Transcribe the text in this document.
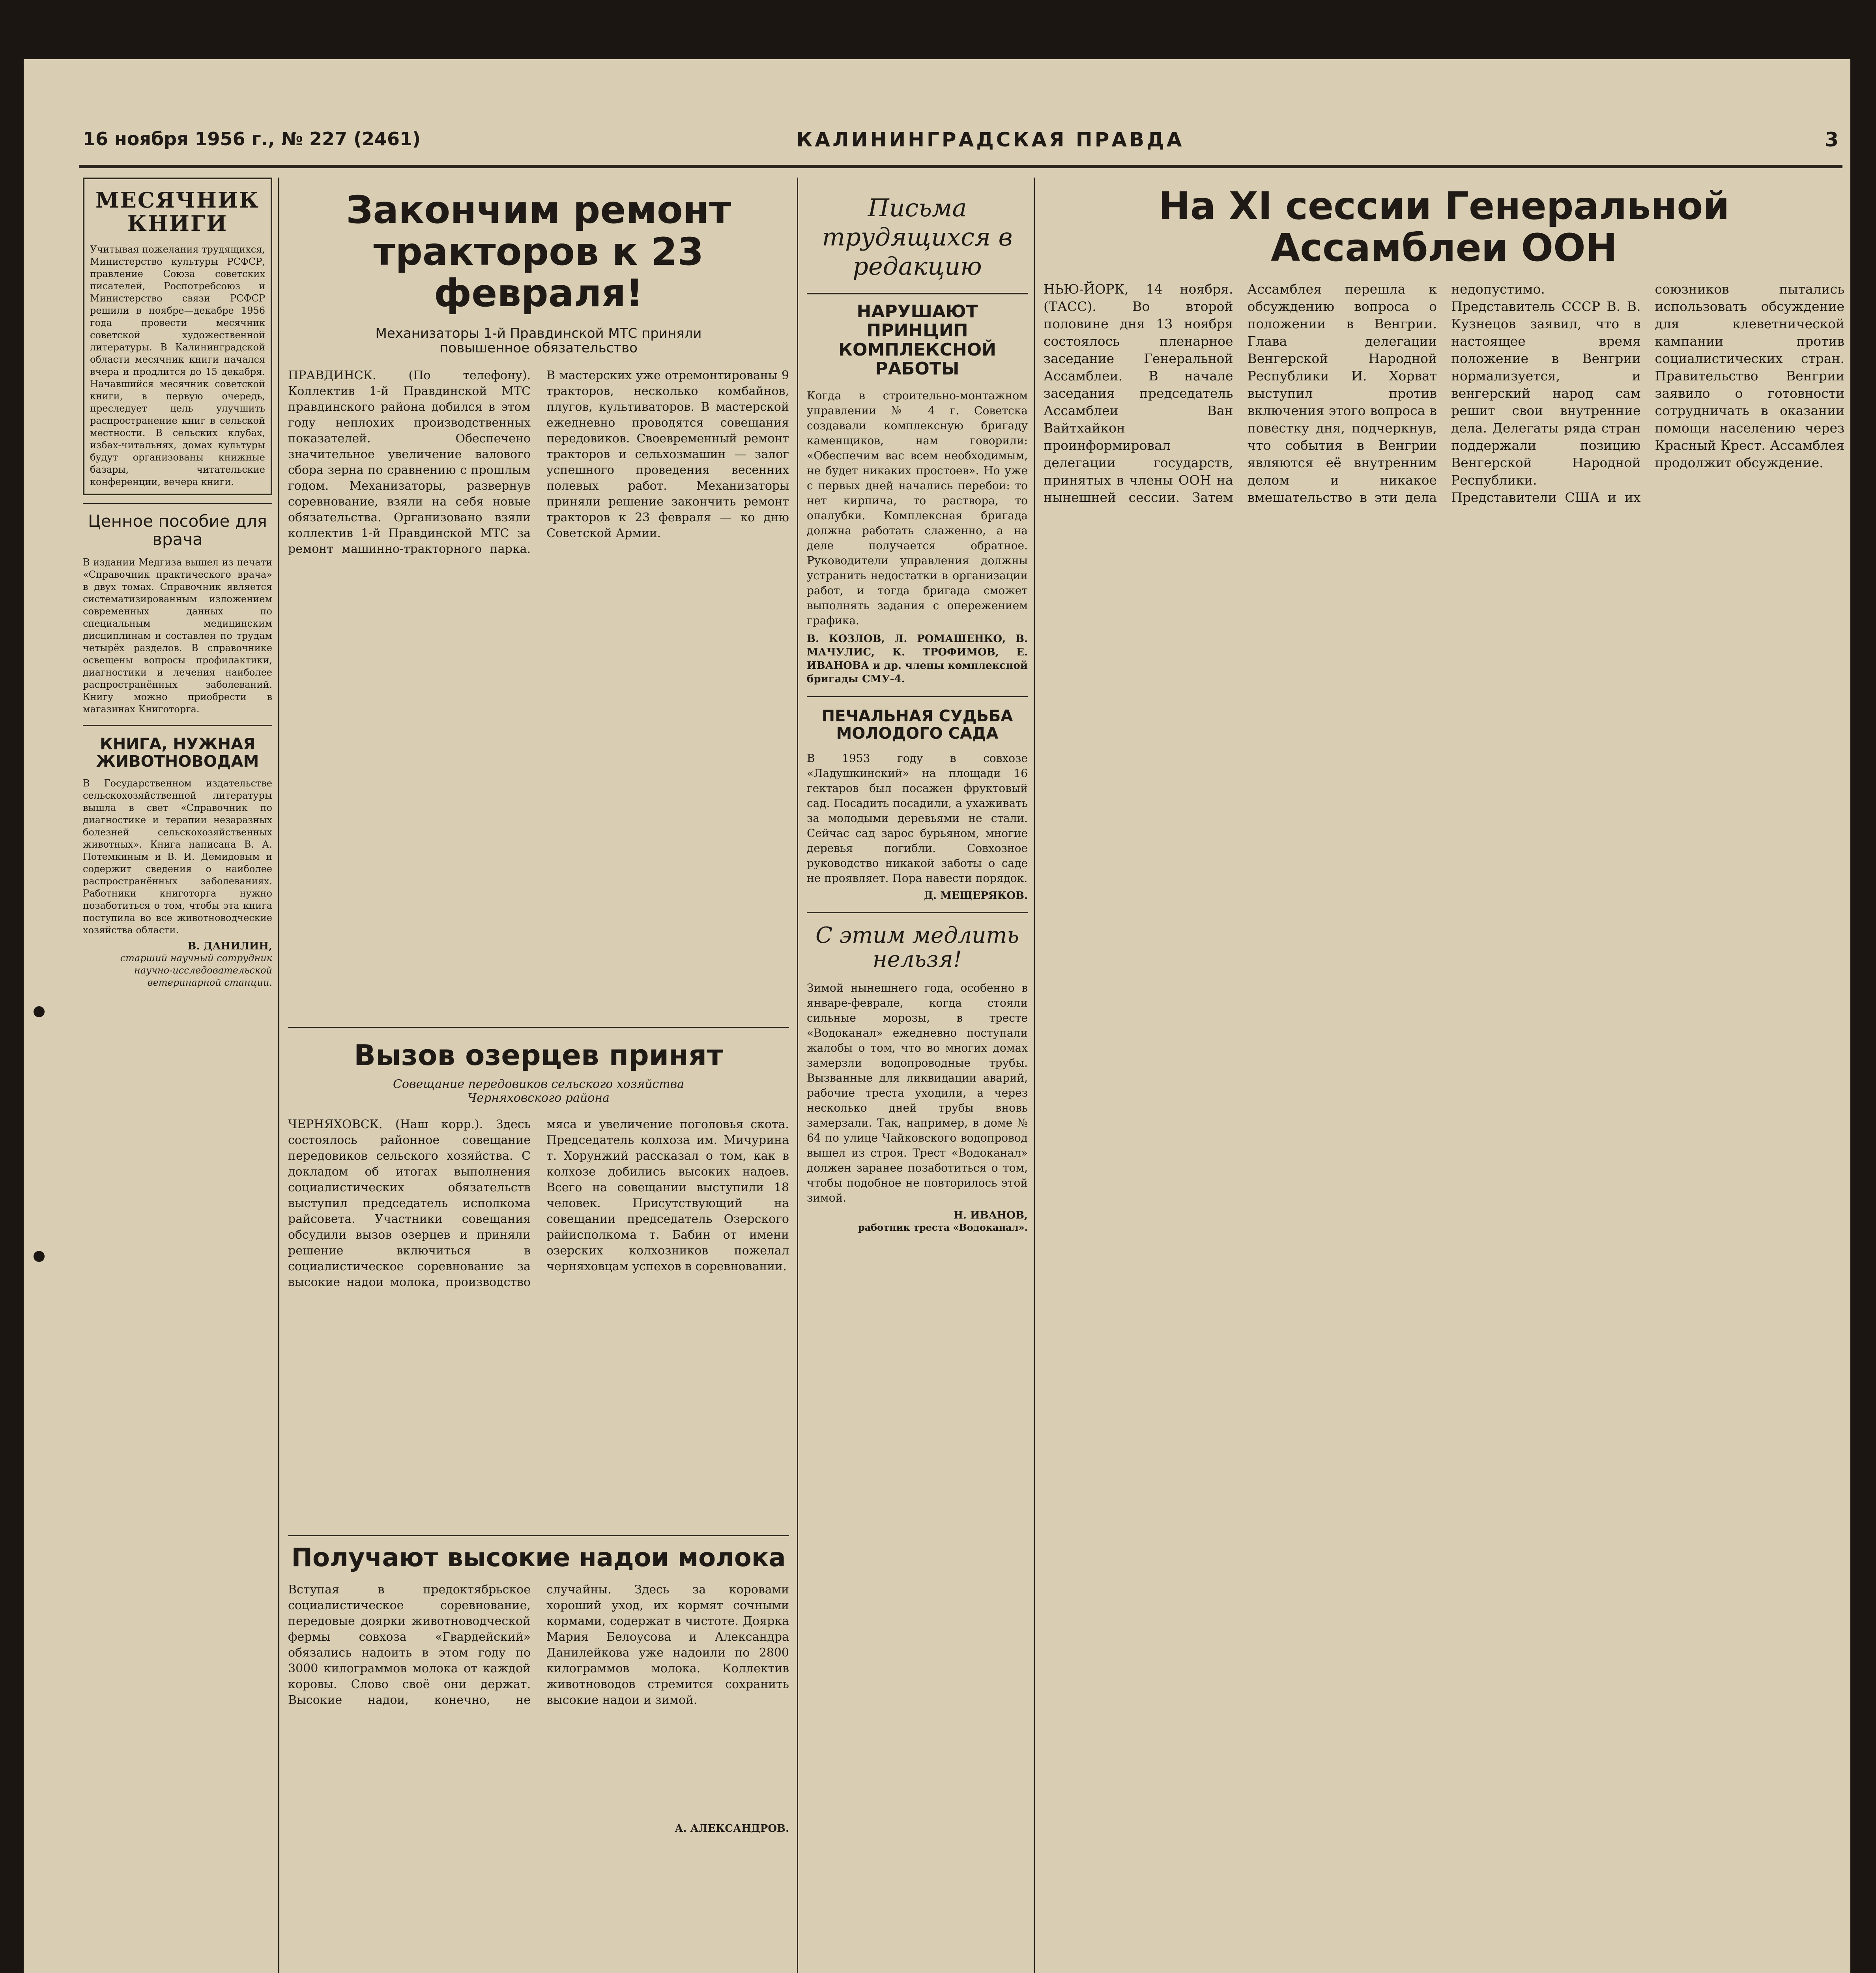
16 ноября 1956 г., № 227 (2461)	КАЛИНИНГРАДСКАЯ ПРАВДА	3
МЕСЯЧНИК КНИГИ
Учитывая пожелания трудящихся, Министерство культуры РСФСР, правление Союза советских писателей, Роспотребсоюз и Министерство связи РСФСР решили в ноябре—декабре 1956 года провести месячник советской художественной литературы. В Калининградской области месячник книги начался вчера и продлится до 15 декабря. Начавшийся месячник советской книги, в первую очередь, преследует цель улучшить распространение книг в сельской местности. В сельских клубах, избах-читальнях, домах культуры будут организованы книжные базары, читательские конференции, вечера книги.
Ценное пособие для врача
В издании Медгиза вышел из печати «Справочник практического врача» в двух томах. Справочник является систематизированным изложением современных данных по специальным медицинским дисциплинам и составлен по трудам четырёх разделов. В справочнике освещены вопросы профилактики, диагностики и лечения наиболее распространённых заболеваний. Книгу можно приобрести в магазинах Книготорга.
КНИГА, НУЖНАЯ ЖИВОТНОВОДАМ
В Государственном издательстве сельскохозяйственной литературы вышла в свет «Справочник по диагностике и терапии незаразных болезней сельскохозяйственных животных». Книга написана В. А. Потемкиным и В. И. Демидовым и содержит сведения о наиболее распространённых заболеваниях. Работники книготорга нужно позаботиться о том, чтобы эта книга поступила во все животноводческие хозяйства области.
В. ДАНИЛИН,
старший научный сотрудник научно-исследовательской ветеринарной станции.
Закончим ремонт тракторов к 23 февраля!
Механизаторы 1-й Правдинской МТС приняли повышенное обязательство
ПРАВДИНСК. (По телефону). Коллектив 1-й Правдинской МТС правдинского района добился в этом году неплохих производственных показателей. Обеспечено значительное увеличение валового сбора зерна по сравнению с прошлым годом. Механизаторы, развернув соревнование, взяли на себя новые обязательства. Организовано взяли коллектив 1-й Правдинской МТС за ремонт машинно-тракторного парка. В мастерских уже отремонтированы 9 тракторов, несколько комбайнов, плугов, культиваторов. В мастерской ежедневно проводятся совещания передовиков. Своевременный ремонт тракторов и сельхозмашин — залог успешного проведения весенних полевых работ. Механизаторы приняли решение закончить ремонт тракторов к 23 февраля — ко дню Советской Армии.
Вызов озерцев принят
Совещание передовиков сельского хозяйства Черняховского района
ЧЕРНЯХОВСК. (Наш корр.). Здесь состоялось районное совещание передовиков сельского хозяйства. С докладом об итогах выполнения социалистических обязательств выступил председатель исполкома райсовета. Участники совещания обсудили вызов озерцев и приняли решение включиться в социалистическое соревнование за высокие надои молока, производство мяса и увеличение поголовья скота. Председатель колхоза им. Мичурина т. Хорунжий рассказал о том, как в колхозе добились высоких надоев. Всего на совещании выступили 18 человек. Присутствующий на совещании председатель Озерского райисполкома т. Бабин от имени озерских колхозников пожелал черняховцам успехов в соревновании.
Получают высокие надои молока
Вступая в предоктябрьское социалистическое соревнование, передовые доярки животноводческой фермы совхоза «Гвардейский» обязались надоить в этом году по 3000 килограммов молока от каждой коровы. Слово своё они держат. Высокие надои, конечно, не случайны. Здесь за коровами хороший уход, их кормят сочными кормами, содержат в чистоте. Доярка Мария Белоусова и Александра Данилейкова уже надоили по 2800 килограммов молока. Коллектив животноводов стремится сохранить высокие надои и зимой.
А. АЛЕКСАНДРОВ.
Письма трудящихся в редакцию
НАРУШАЮТ ПРИНЦИП КОМПЛЕКСНОЙ РАБОТЫ
Когда в строительно-монтажном управлении № 4 г. Советска создавали комплексную бригаду каменщиков, нам говорили: «Обеспечим вас всем необходимым, не будет никаких простоев». Но уже с первых дней начались перебои: то нет кирпича, то раствора, то опалубки. Комплексная бригада должна работать слаженно, а на деле получается обратное. Руководители управления должны устранить недостатки в организации работ, и тогда бригада сможет выполнять задания с опережением графика.
В. КОЗЛОВ, Л. РОМАШЕНКО, В. МАЧУЛИС, К. ТРОФИМОВ, Е. ИВАНОВА и др. члены комплексной бригады СМУ-4.
ПЕЧАЛЬНАЯ СУДЬБА МОЛОДОГО САДА
В 1953 году в совхозе «Ладушкинский» на площади 16 гектаров был посажен фруктовый сад. Посадить посадили, а ухаживать за молодыми деревьями не стали. Сейчас сад зарос бурьяном, многие деревья погибли. Совхозное руководство никакой заботы о саде не проявляет. Пора навести порядок.
Д. МЕЩЕРЯКОВ.
С этим медлить нельзя!
Зимой нынешнего года, особенно в январе-феврале, когда стояли сильные морозы, в тресте «Водоканал» ежедневно поступали жалобы о том, что во многих домах замерзли водопроводные трубы. Вызванные для ликвидации аварий, рабочие треста уходили, а через несколько дней трубы вновь замерзали. Так, например, в доме № 64 по улице Чайковского водопровод вышел из строя. Трест «Водоканал» должен заранее позаботиться о том, чтобы подобное не повторилось этой зимой.
Н. ИВАНОВ,
работник треста «Водоканал».
На XI сессии Генеральной Ассамблеи ООН
НЬЮ-ЙОРК, 14 ноября. (ТАСС). Во второй половине дня 13 ноября состоялось пленарное заседание Генеральной Ассамблеи. В начале заседания председатель Ассамблеи Ван Вайтхайкон проинформировал делегации государств, принятых в члены ООН на нынешней сессии. Затем Ассамблея перешла к обсуждению вопроса о положении в Венгрии. Глава делегации Венгерской Народной Республики И. Хорват выступил против включения этого вопроса в повестку дня, подчеркнув, что события в Венгрии являются её внутренним делом и никакое вмешательство в эти дела недопустимо. Представитель СССР В. В. Кузнецов заявил, что в настоящее время положение в Венгрии нормализуется, и венгерский народ сам решит свои внутренние дела. Делегаты ряда стран поддержали позицию Венгерской Народной Республики. Представители США и их союзников пытались использовать обсуждение для клеветнической кампании против социалистических стран. Правительство Венгрии заявило о готовности сотрудничать в оказании помощи населению через Красный Крест. Ассамблея продолжит обсуждение.
